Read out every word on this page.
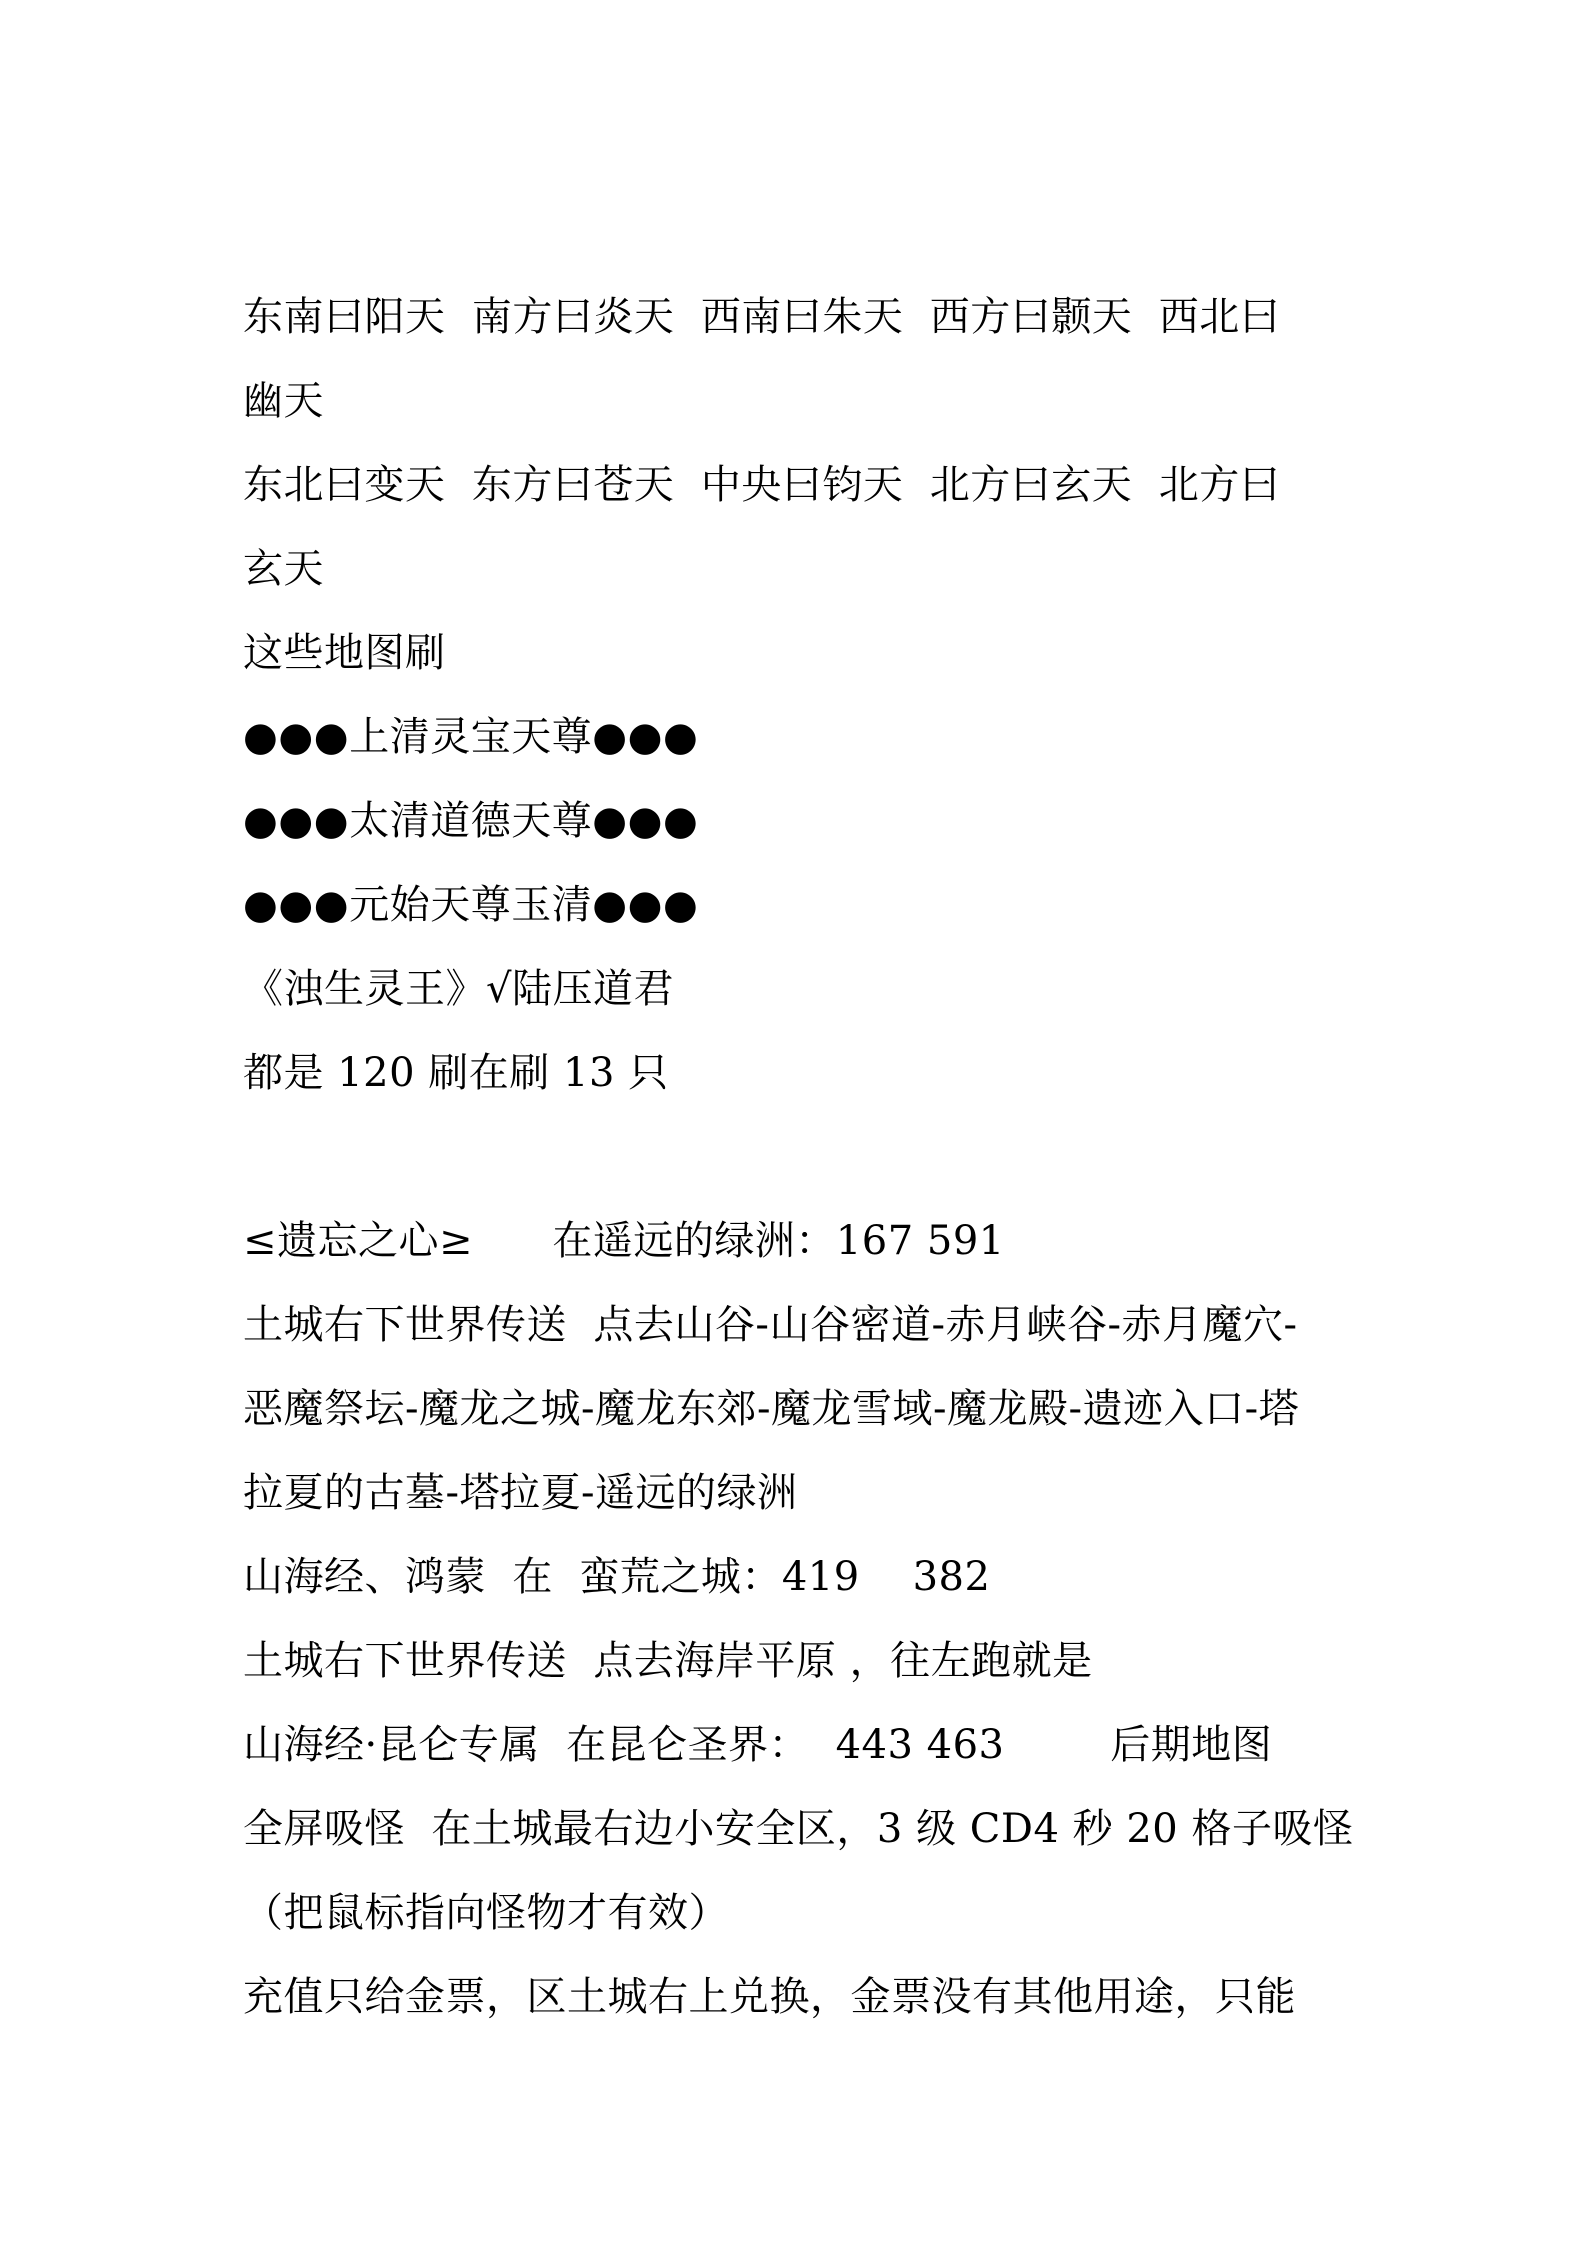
东南曰阳天  南方曰炎天  西南曰朱天  西方曰颢天  西北曰
幽天
东北曰变天  东方曰苍天  中央曰钧天  北方曰玄天  北方曰
玄天
这些地图刷
●●●上清灵宝天尊●●●
●●●太清道德天尊●●●
●●●元始天尊玉清●●●
《浊生灵王》√陆压道君
都是 120 刷在刷 13 只
≤遗忘之心≥      在遥远的绿洲：167 591
土城右下世界传送  点去山谷-山谷密道-赤月峡谷-赤月魔穴-
恶魔祭坛-魔龙之城-魔龙东郊-魔龙雪域-魔龙殿-遗迹入口-塔
拉夏的古墓-塔拉夏-遥远的绿洲
山海经、鸿蒙  在  蛮荒之城：419    382
土城右下世界传送  点去海岸平原 ，往左跑就是
山海经·昆仑专属  在昆仑圣界：  443 463        后期地图
全屏吸怪  在土城最右边小安全区，3 级 CD4 秒 20 格子吸怪
（把鼠标指向怪物才有效）
充值只给金票，区土城右上兑换，金票没有其他用途，只能
